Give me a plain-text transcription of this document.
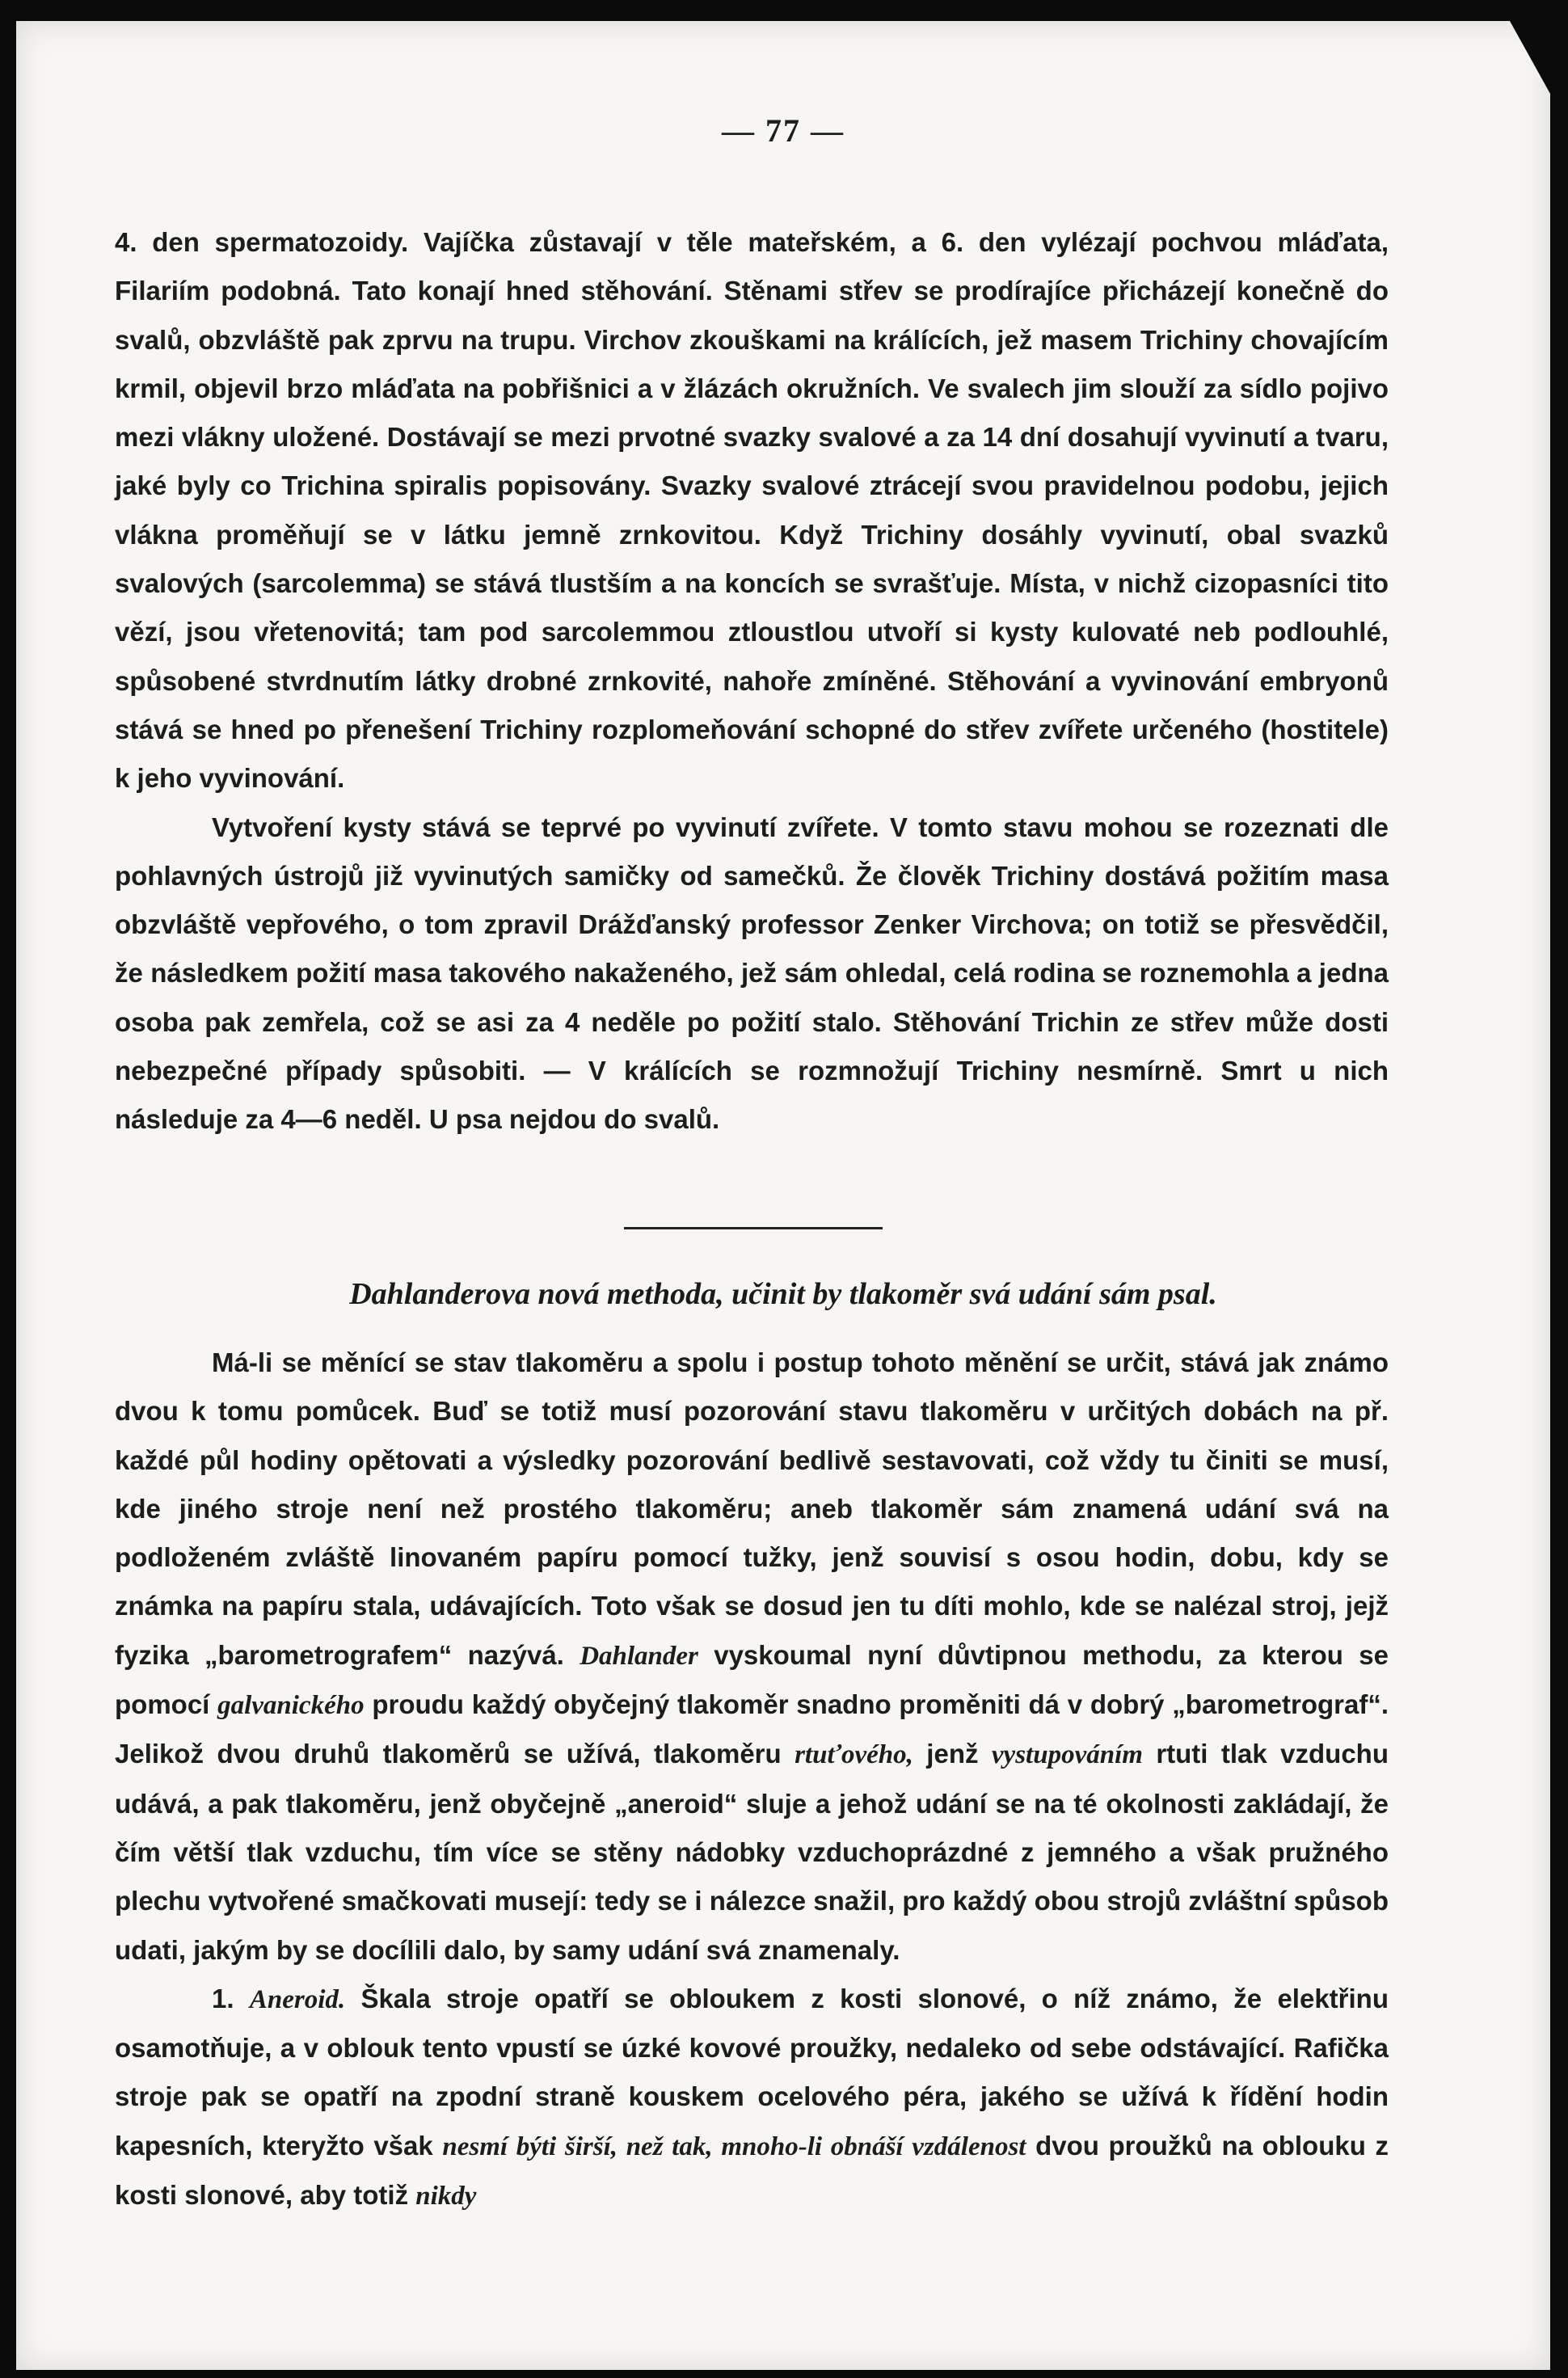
— 77 —

4. den spermatozoidy. Vajíčka zůstavají v těle mateřském, a 6. den vylézají pochvou mláďata, Filariím podobná. Tato konají hned stěhování. Stěnami střev se prodírajíce přicházejí konečně do svalů, obzvláště pak zprvu na trupu. Virchov zkouškami na králících, jež masem Trichiny chovajícím krmil, objevil brzo mláďata na pobřišnici a v žlázách okružních. Ve svalech jim slouží za sídlo pojivo mezi vlákny uložené. Dostávají se mezi prvotné svazky svalové a za 14 dní dosahují vyvinutí a tvaru, jaké byly co Trichina spiralis popisovány. Svazky svalové ztrácejí svou pravidelnou podobu, jejich vlákna proměňují se v látku jemně zrnkovitou. Když Trichiny dosáhly vyvinutí, obal svazků svalových (sarcolemma) se stává tlustším a na koncích se svrašťuje. Místa, v nichž cizopasníci tito vězí, jsou vřetenovitá; tam pod sarcolemmou ztloustlou utvoří si kysty kulovaté neb podlouhlé, spůsobené stvrdnutím látky drobné zrnkovité, nahoře zmíněné. Stěhování a vyvinování embryonů stává se hned po přenešení Trichiny rozplomeňování schopné do střev zvířete určeného (hostitele) k jeho vyvinování.

Vytvoření kysty stává se teprvé po vyvinutí zvířete. V tomto stavu mohou se rozeznati dle pohlavných ústrojů již vyvinutých samičky od samečků. Že člověk Trichiny dostává požitím masa obzvláště vepřového, o tom zpravil Drážďanský professor Zenker Virchova; on totiž se přesvědčil, že následkem požití masa takového nakaženého, jež sám ohledal, celá rodina se roznemohla a jedna osoba pak zemřela, což se asi za 4 neděle po požití stalo. Stěhování Trichin ze střev může dosti nebezpečné případy spůsobiti. — V králících se rozmnožují Trichiny nesmírně. Smrt u nich následuje za 4—6 neděl. U psa nejdou do svalů.

Dahlanderova nová methoda, učinit by tlakoměr svá udání sám psal.

Má-li se měnící se stav tlakoměru a spolu i postup tohoto měnění se určit, stává jak známo dvou k tomu pomůcek. Buď se totiž musí pozorování stavu tlakoměru v určitých dobách na př. každé půl hodiny opětovati a výsledky pozorování bedlivě sestavovati, což vždy tu činiti se musí, kde jiného stroje není než prostého tlakoměru; aneb tlakoměr sám znamená udání svá na podloženém zvláště linovaném papíru pomocí tužky, jenž souvisí s osou hodin, dobu, kdy se známka na papíru stala, udávajících. Toto však se dosud jen tu díti mohlo, kde se nalézal stroj, jejž fyzika „barometrografem“ nazývá. Dahlander vyskoumal nyní důvtipnou methodu, za kterou se pomocí galvanického proudu každý obyčejný tlakoměr snadno proměniti dá v dobrý „barometrograf“. Jelikož dvou druhů tlakoměrů se užívá, tlakoměru rtuťového, jenž vystupováním rtuti tlak vzduchu udává, a pak tlakoměru, jenž obyčejně „aneroid“ sluje a jehož udání se na té okolnosti zakládají, že čím větší tlak vzduchu, tím více se stěny nádobky vzduchoprázdné z jemného a však pružného plechu vytvořené smačkovati musejí: tedy se i nálezce snažil, pro každý obou strojů zvláštní spůsob udati, jakým by se docílili dalo, by samy udání svá znamenaly.

1. Aneroid. Škala stroje opatří se obloukem z kosti slonové, o níž známo, že elektřinu osamotňuje, a v oblouk tento vpustí se úzké kovové proužky, nedaleko od sebe odstávající. Rafička stroje pak se opatří na zpodní straně kouskem ocelového péra, jakého se užívá k řídění hodin kapesních, kteryžto však nesmí býti širší, než tak, mnoho-li obnáší vzdálenost dvou proužků na oblouku z kosti slonové, aby totiž nikdy
